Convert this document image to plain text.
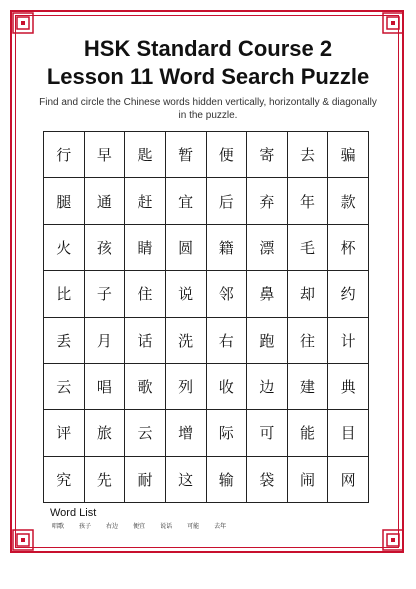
HSK Standard Course 2
Lesson 11 Word Search Puzzle
Find and circle the Chinese words hidden vertically, horizontally & diagonally in the puzzle.
行	早	匙	暂	便	寄	去	骗
腿	通	赶	宜	后	弃	年	款
火	孩	睛	圆	籍	漂	毛	杯
比	子	住	说	邻	鼻	却	约
丢	月	话	洗	右	跑	往	计
云	唱	歌	列	收	边	建	典
评	旅	云	增	际	可	能	目
究	先	耐	这	输	袋	闹	网
Word List
唱歌	孩子	右边	便宜	说话	可能	去年
